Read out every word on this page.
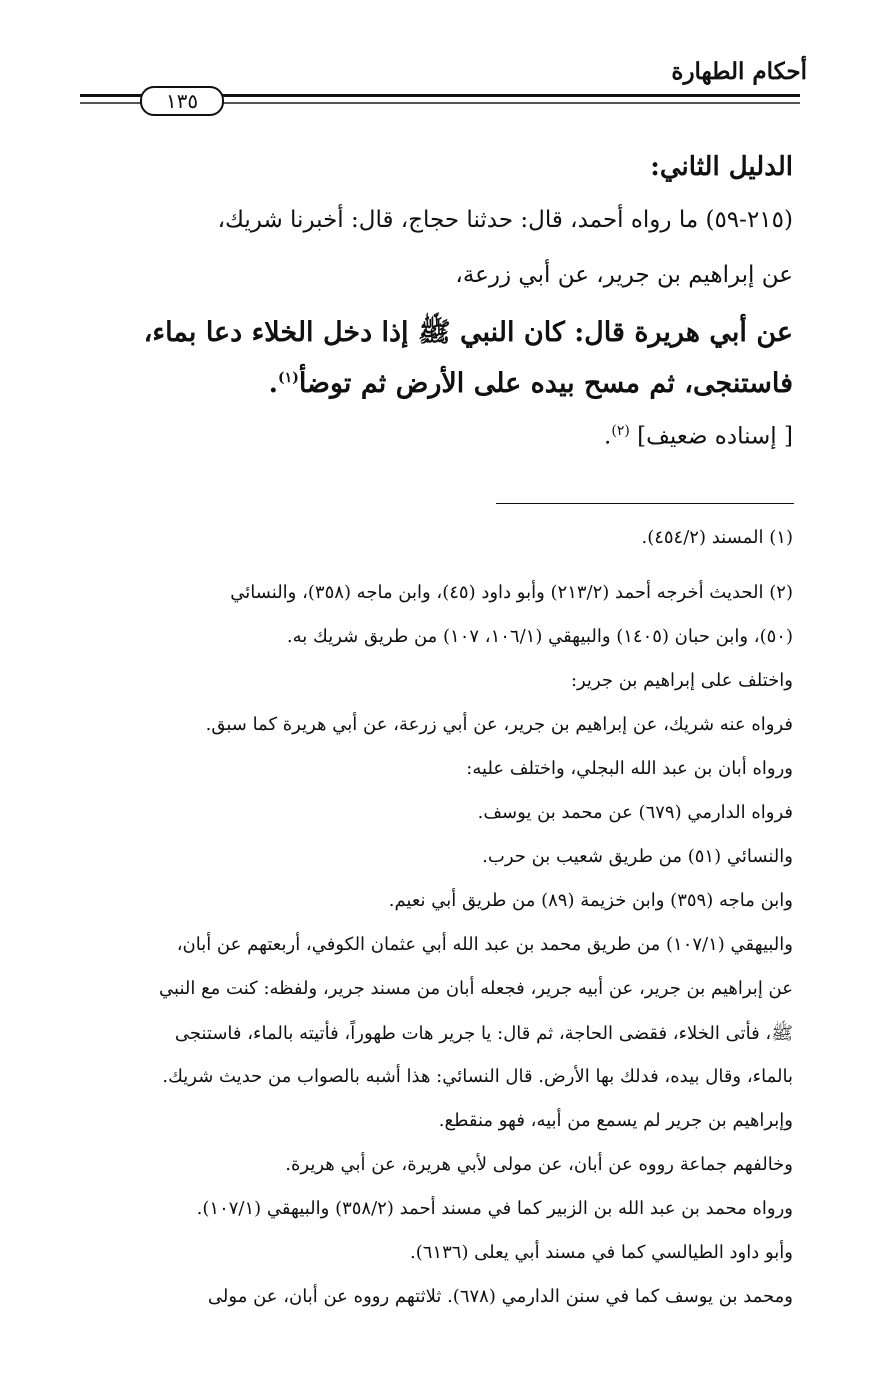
أحكام الطهارة
١٣٥
الدليل الثاني:
(٢١٥-٥٩) ما رواه أحمد، قال: حدثنا حجاج، قال: أخبرنا شريك،
عن إبراهيم بن جرير، عن أبي زرعة،
عن أبي هريرة قال: كان النبي ﷺ إذا دخل الخلاء دعا بماء،
فاستنجى، ثم مسح بيده على الأرض ثم توضأ$^{(١)}$.
[ إسناده ضعيف] $^{(٢)}$.
(١) المسند (٤٥٤/٢).
(٢) الحديث أخرجه أحمد (٢١٣/٢) وأبو داود (٤٥)، وابن ماجه (٣٥٨)، والنسائي
(٥٠)، وابن حبان (١٤٠٥) والبيهقي (١٠٦/١، ١٠٧) من طريق شريك به.
واختلف على إبراهيم بن جرير:
فرواه عنه شريك، عن إبراهيم بن جرير، عن أبي زرعة، عن أبي هريرة كما سبق.
ورواه أبان بن عبد الله البجلي، واختلف عليه:
فرواه الدارمي (٦٧٩) عن محمد بن يوسف.
والنسائي (٥١) من طريق شعيب بن حرب.
وابن ماجه (٣٥٩) وابن خزيمة (٨٩) من طريق أبي نعيم.
والبيهقي (١٠٧/١) من طريق محمد بن عبد الله أبي عثمان الكوفي، أربعتهم عن أبان،
عن إبراهيم بن جرير، عن أبيه جرير، فجعله أبان من مسند جرير، ولفظه: كنت مع النبي
ﷺ، فأتى الخلاء، فقضى الحاجة، ثم قال: يا جرير هات طهوراً، فأتيته بالماء، فاستنجى
بالماء، وقال بيده، فدلك بها الأرض. قال النسائي: هذا أشبه بالصواب من حديث شريك.
وإبراهيم بن جرير لم يسمع من أبيه، فهو منقطع.
وخالفهم جماعة رووه عن أبان، عن مولى لأبي هريرة، عن أبي هريرة.
ورواه محمد بن عبد الله بن الزبير كما في مسند أحمد (٣٥٨/٢) والبيهقي (١٠٧/١).
وأبو داود الطيالسي كما في مسند أبي يعلى (٦١٣٦).
ومحمد بن يوسف كما في سنن الدارمي (٦٧٨). ثلاثتهم رووه عن أبان، عن مولى
